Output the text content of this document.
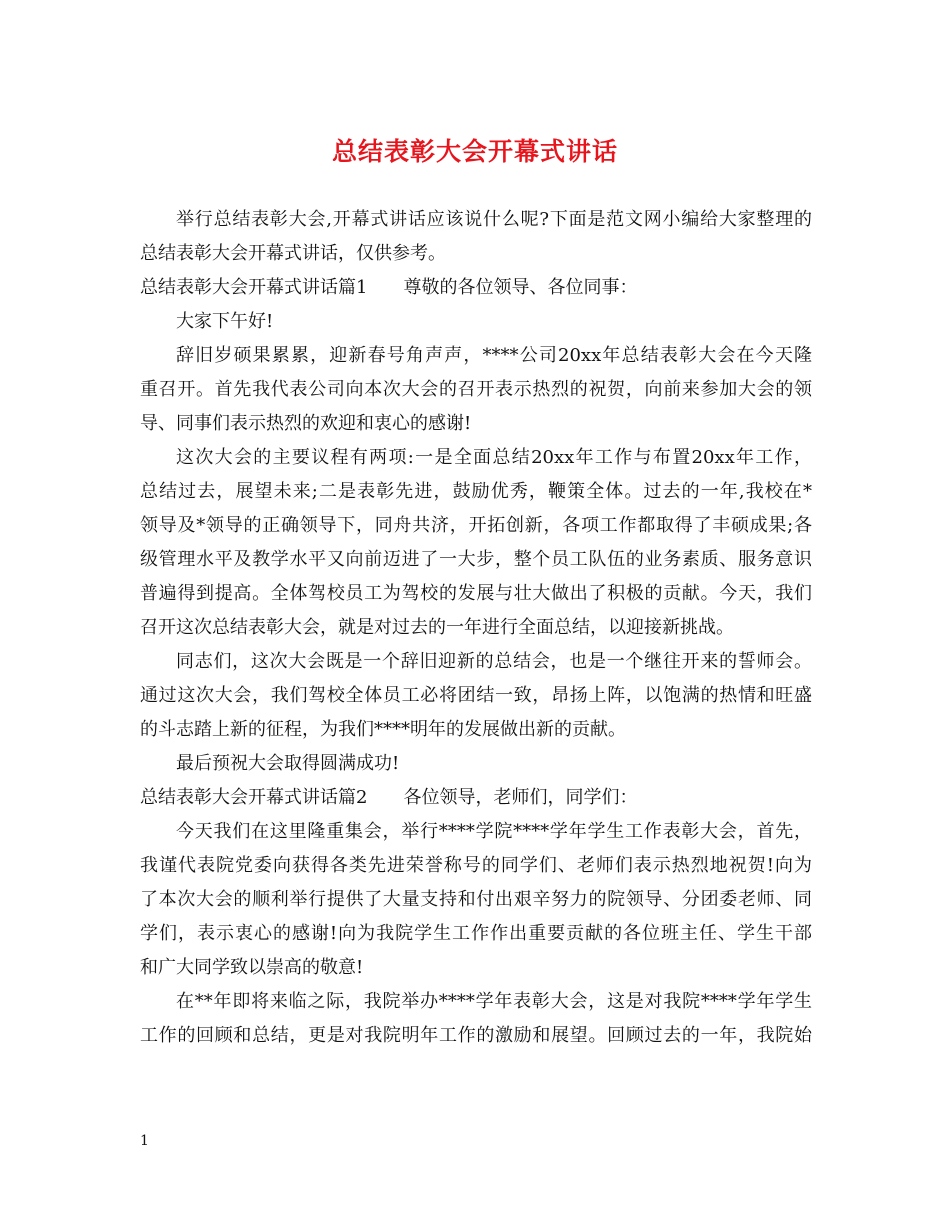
总结表彰大会开幕式讲话
举行总结表彰大会,开幕式讲话应该说什么呢?下面是范文网小编给大家整理的
总结表彰大会开幕式讲话，仅供参考。
总结表彰大会开幕式讲话篇1　　尊敬的各位领导、各位同事：
大家下午好!
辞旧岁硕果累累，迎新春号角声声，****公司20xx年总结表彰大会在今天隆
重召开。首先我代表公司向本次大会的召开表示热烈的祝贺，向前来参加大会的领
导、同事们表示热烈的欢迎和衷心的感谢!
这次大会的主要议程有两项:一是全面总结20xx年工作与布置20xx年工作，
总结过去，展望未来;二是表彰先进，鼓励优秀，鞭策全体。过去的一年,我校在*
领导及*领导的正确领导下，同舟共济，开拓创新，各项工作都取得了丰硕成果;各
级管理水平及教学水平又向前迈进了一大步，整个员工队伍的业务素质、服务意识
普遍得到提高。全体驾校员工为驾校的发展与壮大做出了积极的贡献。今天，我们
召开这次总结表彰大会，就是对过去的一年进行全面总结，以迎接新挑战。
同志们，这次大会既是一个辞旧迎新的总结会，也是一个继往开来的誓师会。
通过这次大会，我们驾校全体员工必将团结一致，昂扬上阵，以饱满的热情和旺盛
的斗志踏上新的征程，为我们****明年的发展做出新的贡献。
最后预祝大会取得圆满成功!
总结表彰大会开幕式讲话篇2　　各位领导，老师们，同学们：
今天我们在这里隆重集会，举行****学院****学年学生工作表彰大会，首先，
我谨代表院党委向获得各类先进荣誉称号的同学们、老师们表示热烈地祝贺!向为
了本次大会的顺利举行提供了大量支持和付出艰辛努力的院领导、分团委老师、同
学们，表示衷心的感谢!向为我院学生工作作出重要贡献的各位班主任、学生干部
和广大同学致以崇高的敬意!
在**年即将来临之际，我院举办****学年表彰大会，这是对我院****学年学生
工作的回顾和总结，更是对我院明年工作的激励和展望。回顾过去的一年，我院始
1
